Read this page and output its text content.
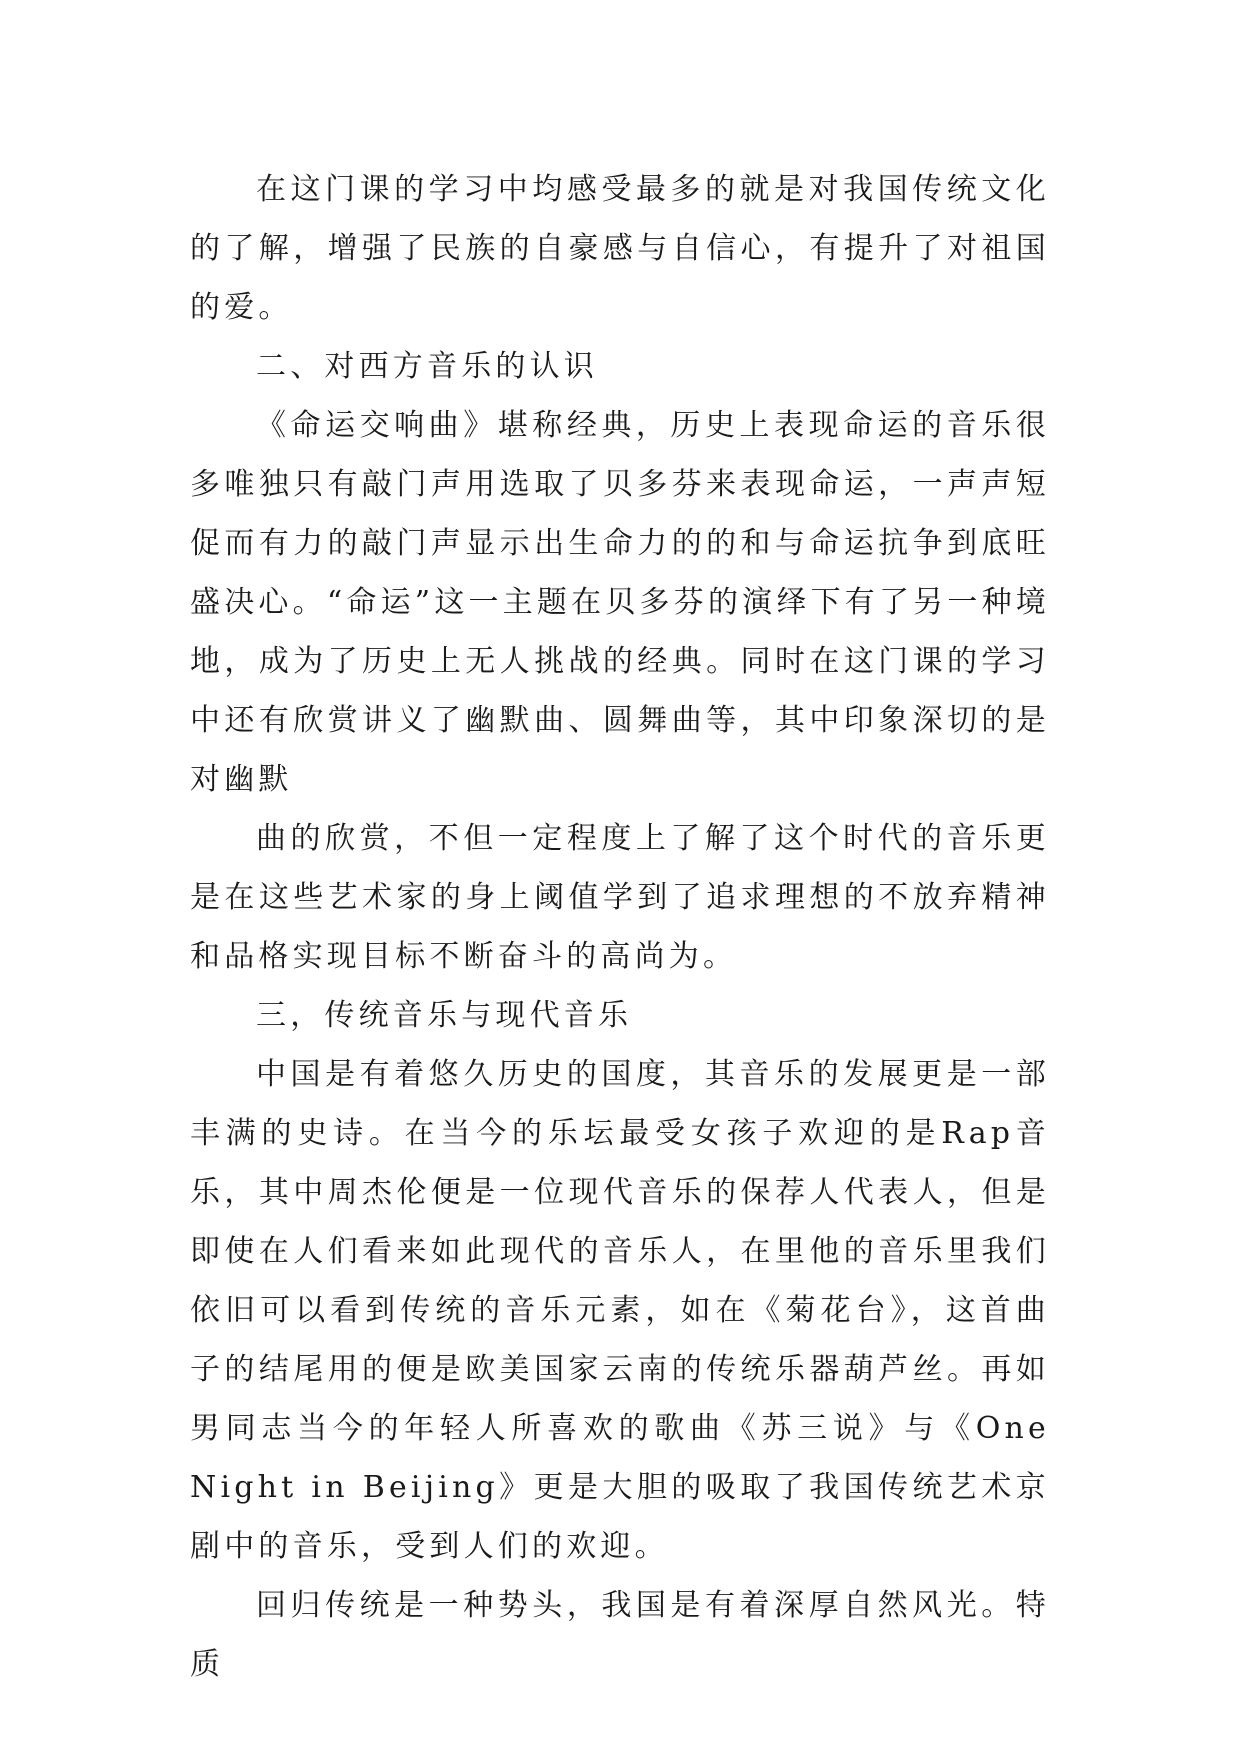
在这门课的学习中均感受最多的就是对我国传统文化的了解，增强了民族的自豪感与自信心，有提升了对祖国的爱。

二、对西方音乐的认识

《命运交响曲》堪称经典，历史上表现命运的音乐很多唯独只有敲门声用选取了贝多芬来表现命运，一声声短促而有力的敲门声显示出生命力的的和与命运抗争到底旺盛决心。“命运”这一主题在贝多芬的演绎下有了另一种境地，成为了历史上无人挑战的经典。同时在这门课的学习中还有欣赏讲义了幽默曲、圆舞曲等，其中印象深切的是对幽默

曲的欣赏，不但一定程度上了解了这个时代的音乐更是在这些艺术家的身上阈值学到了追求理想的不放弃精神和品格实现目标不断奋斗的高尚为。

三，传统音乐与现代音乐

中国是有着悠久历史的国度，其音乐的发展更是一部丰满的史诗。在当今的乐坛最受女孩子欢迎的是Rap音乐，其中周杰伦便是一位现代音乐的保荐人代表人，但是即使在人们看来如此现代的音乐人，在里他的音乐里我们依旧可以看到传统的音乐元素，如在《菊花台》，这首曲子的结尾用的便是欧美国家云南的传统乐器葫芦丝。再如男同志当今的年轻人所喜欢的歌曲《苏三说》与《One Night in Beijing》更是大胆的吸取了我国传统艺术京剧中的音乐，受到人们的欢迎。

回归传统是一种势头，我国是有着深厚自然风光。特质
